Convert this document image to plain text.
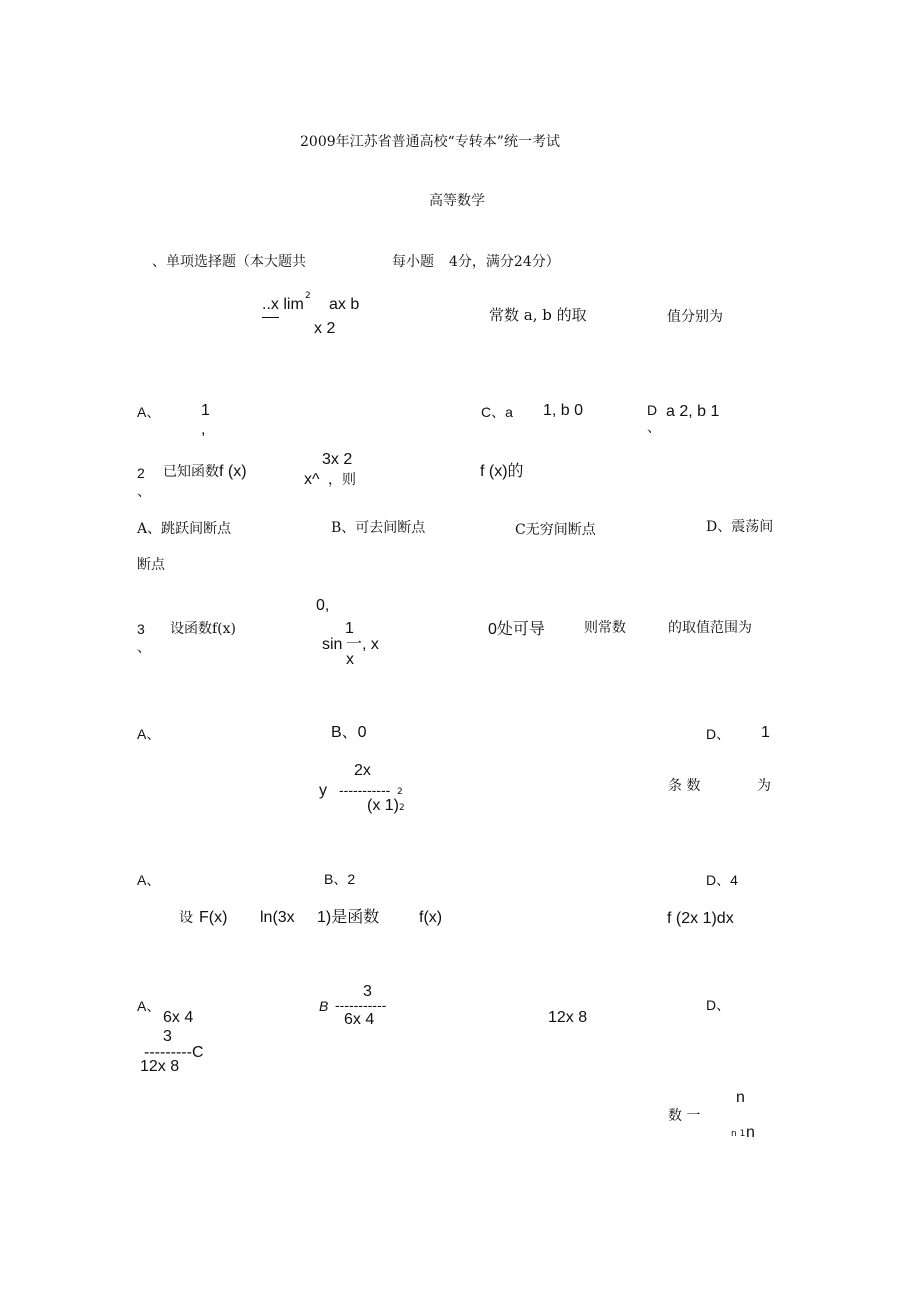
2009年江苏省普通高校“专转本”统一考试
高等数学
、单项选择题（本大题共	每小题 4分，满分24分）
..x lim 2 ax b
x 2
常数 a, b 的取	值分别为
A、	1
,
C、a 1, b 0	D
、
a 2, b 1
2
、
已知函数 f (x)
3x 2
x^ ，则	f (x)的
A、跳跃间断点	B、可去间断点	C无穷间断点	D、震荡间
断点
0,
3
、
设函数f(x)	1
sin 一, x
x
0处可导	则常数	的取值范围为
A、	B、0	D、 1
2x
y ----------- 2
(x 1) 2
条 数	为
A、	B、2	D、4
设 F(x) ln(3x 1)是函数 f(x)	f (2x 1)dx
A、
6x 4
3
---------C
12x 8
B
3
-----------
6x 4	12x 8
D、
n
数 一
n 1 n
